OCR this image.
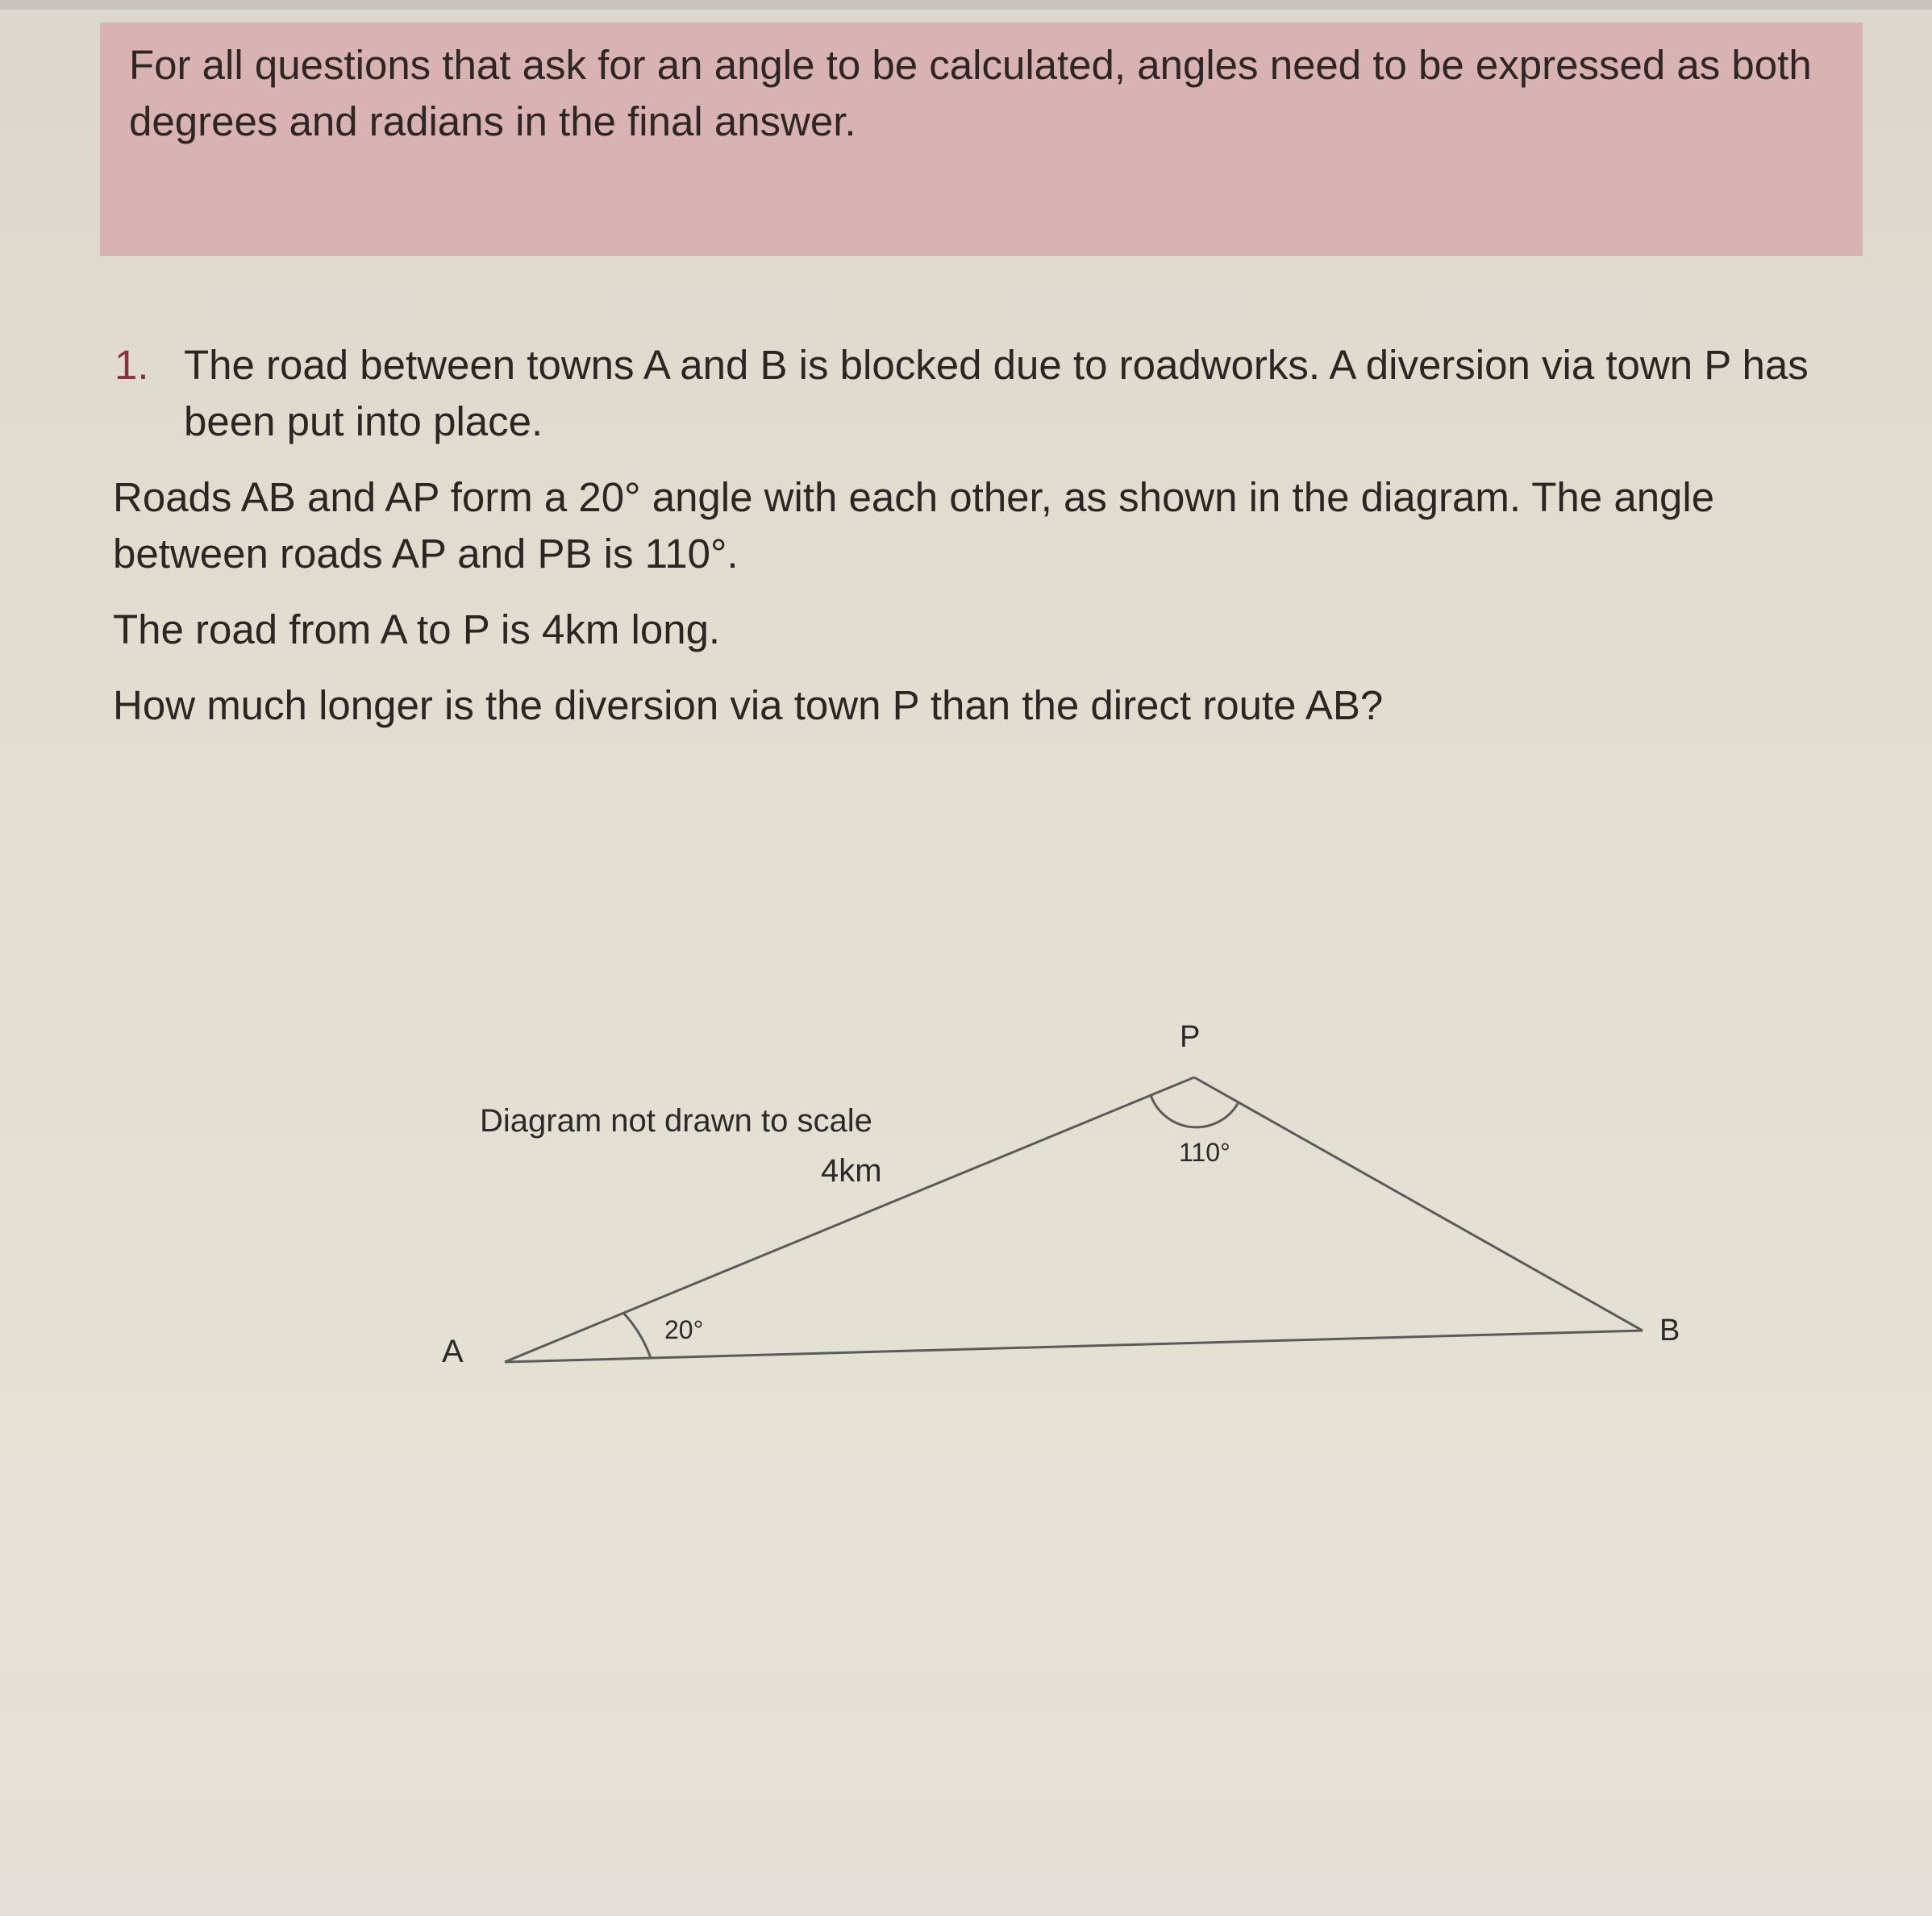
For all questions that ask for an angle to be calculated, angles need to be expressed as both degrees and radians in the final answer.

1. The road between towns A and B is blocked due to roadworks. A diversion via town P has been put into place.

Roads AB and AP form a 20° angle with each other, as shown in the diagram. The angle between roads AP and PB is 110°.

The road from A to P is 4km long.

How much longer is the diversion via town P than the direct route AB?

Diagram not drawn to scale
4km
P
110°
A
20°	B
